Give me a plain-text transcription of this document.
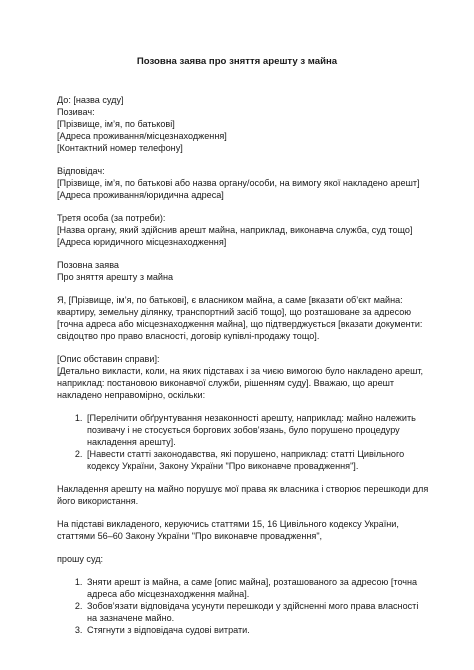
Позовна заява про зняття арешту з майна
До: [назва суду]
Позивач:
[Прізвище, ім’я, по батькові]
[Адреса проживання/місцезнаходження]
[Контактний номер телефону]
Відповідач:
[Прізвище, ім’я, по батькові або назва органу/особи, на вимогу якої накладено арешт]
[Адреса проживання/юридична адреса]
Третя особа (за потреби):
[Назва органу, який здійснив арешт майна, наприклад, виконавча служба, суд тощо]
[Адреса юридичного місцезнаходження]
Позовна заява
Про зняття арешту з майна
Я, [Прізвище, ім’я, по батькові], є власником майна, а саме [вказати об’єкт майна:
квартиру, земельну ділянку, транспортний засіб тощо], що розташоване за адресою
[точна адреса або місцезнаходження майна], що підтверджується [вказати документи:
свідоцтво про право власності, договір купівлі-продажу тощо].
[Опис обставин справи]:
[Детально викласти, коли, на яких підставах і за чиєю вимогою було накладено арешт,
наприклад: постановою виконавчої служби, рішенням суду]. Вважаю, що арешт
накладено неправомірно, оскільки:
1. [Перелічити обґрунтування незаконності арешту, наприклад: майно належить
позивачу і не стосується боргових зобов’язань, було порушено процедуру
накладення арешту].
2. [Навести статті законодавства, які порушено, наприклад: статті Цивільного
кодексу України, Закону України "Про виконавче провадження"].
Накладення арешту на майно порушує мої права як власника і створює перешкоди для
його використання.
На підставі викладеного, керуючись статтями 15, 16 Цивільного кодексу України,
статтями 56–60 Закону України "Про виконавче провадження",
прошу суд:
1. Зняти арешт із майна, а саме [опис майна], розташованого за адресою [точна
адреса або місцезнаходження майна].
2. Зобов’язати відповідача усунути перешкоди у здійсненні мого права власності
на зазначене майно.
3. Стягнути з відповідача судові витрати.
